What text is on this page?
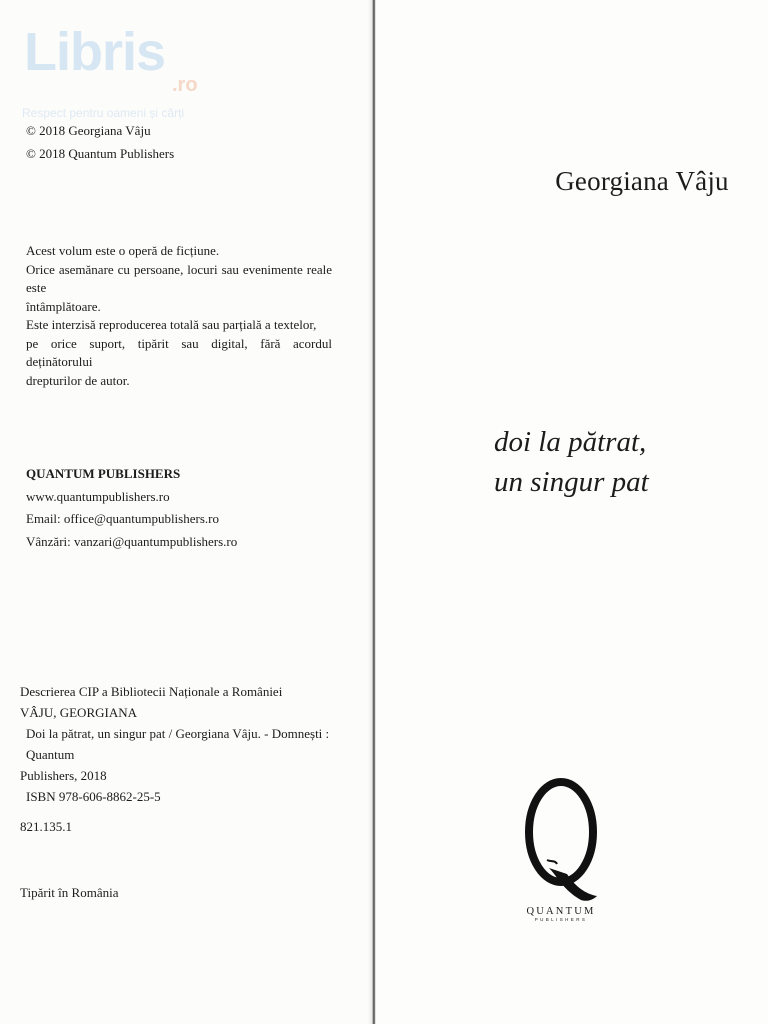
Libris
.ro
Respect pentru oameni și cărți
© 2018 Georgiana Vâju
© 2018 Quantum Publishers
Acest volum este o operă de ficțiune.
Orice asemănare cu persoane, locuri sau evenimente reale este
întâmplătoare.
Este interzisă reproducerea totală sau parțială a textelor,
pe orice suport, tipărit sau digital, fără acordul deținătorului
drepturilor de autor.
QUANTUM PUBLISHERS
www.quantumpublishers.ro
Email: office@quantumpublishers.ro
Vânzări: vanzari@quantumpublishers.ro
Descrierea CIP a Bibliotecii Naționale a României
VÂJU, GEORGIANA
Doi la pătrat, un singur pat / Georgiana Vâju. - Domnești : Quantum
Publishers, 2018
ISBN 978-606-8862-25-5
821.135.1
Tipărit în România
Georgiana Vâju
doi la pătrat,
un singur pat
QUANTUM
PUBLISHERS
